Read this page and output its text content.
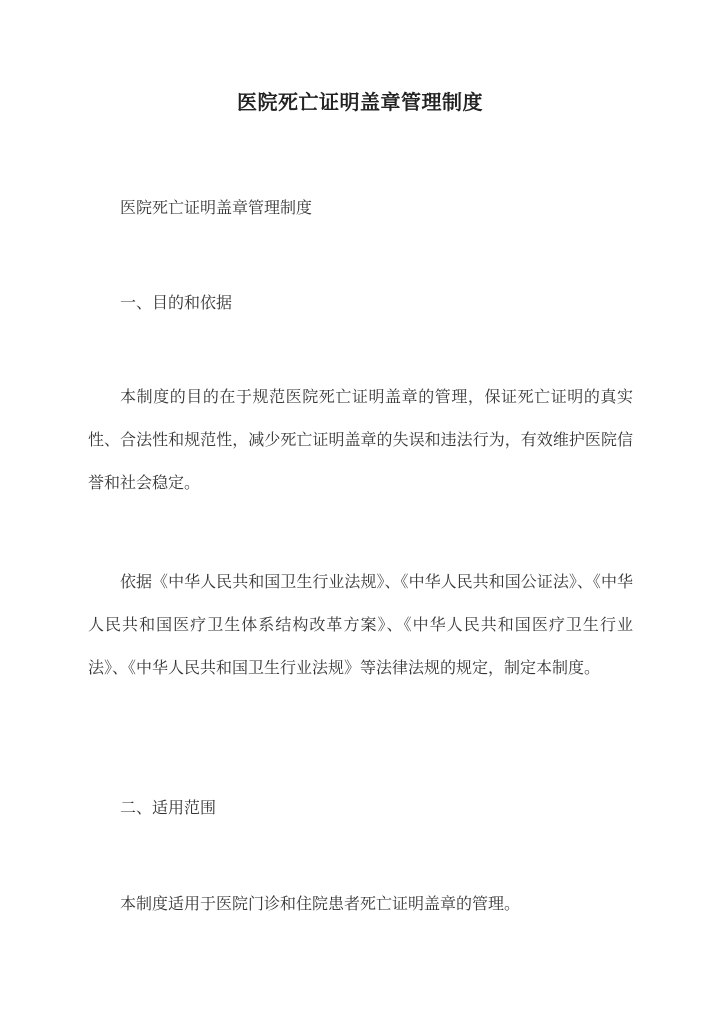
医院死亡证明盖章管理制度

医院死亡证明盖章管理制度

一、目的和依据

本制度的目的在于规范医院死亡证明盖章的管理，保证死亡证明的真实性、合法性和规范性，减少死亡证明盖章的失误和违法行为，有效维护医院信誉和社会稳定。

依据《中华人民共和国卫生行业法规》、《中华人民共和国公证法》、《中华人民共和国医疗卫生体系结构改革方案》、《中华人民共和国医疗卫生行业法》、《中华人民共和国卫生行业法规》等法律法规的规定，制定本制度。

二、适用范围

本制度适用于医院门诊和住院患者死亡证明盖章的管理。
